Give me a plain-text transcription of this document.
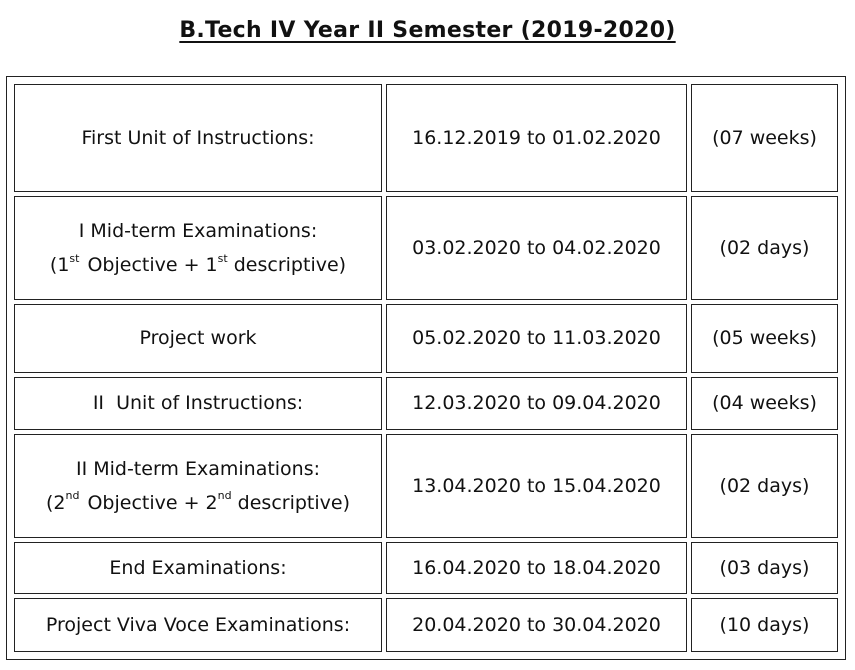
B.Tech IV Year II Semester (2019-2020)
First Unit of Instructions:	16.12.2019 to 01.02.2020	(07 weeks)

I Mid-term Examinations:
(1st Objective + 1st descriptive)	03.02.2020 to 04.02.2020	(02 days)
Project work	05.02.2020 to 11.03.2020	(05 weeks)
II  Unit of Instructions:	12.03.2020 to 09.04.2020	(04 weeks)

II Mid-term Examinations:
(2nd Objective + 2nd descriptive)	13.04.2020 to 15.04.2020	(02 days)
End Examinations:	16.04.2020 to 18.04.2020	(03 days)
Project Viva Voce Examinations:	20.04.2020 to 30.04.2020	(10 days)
